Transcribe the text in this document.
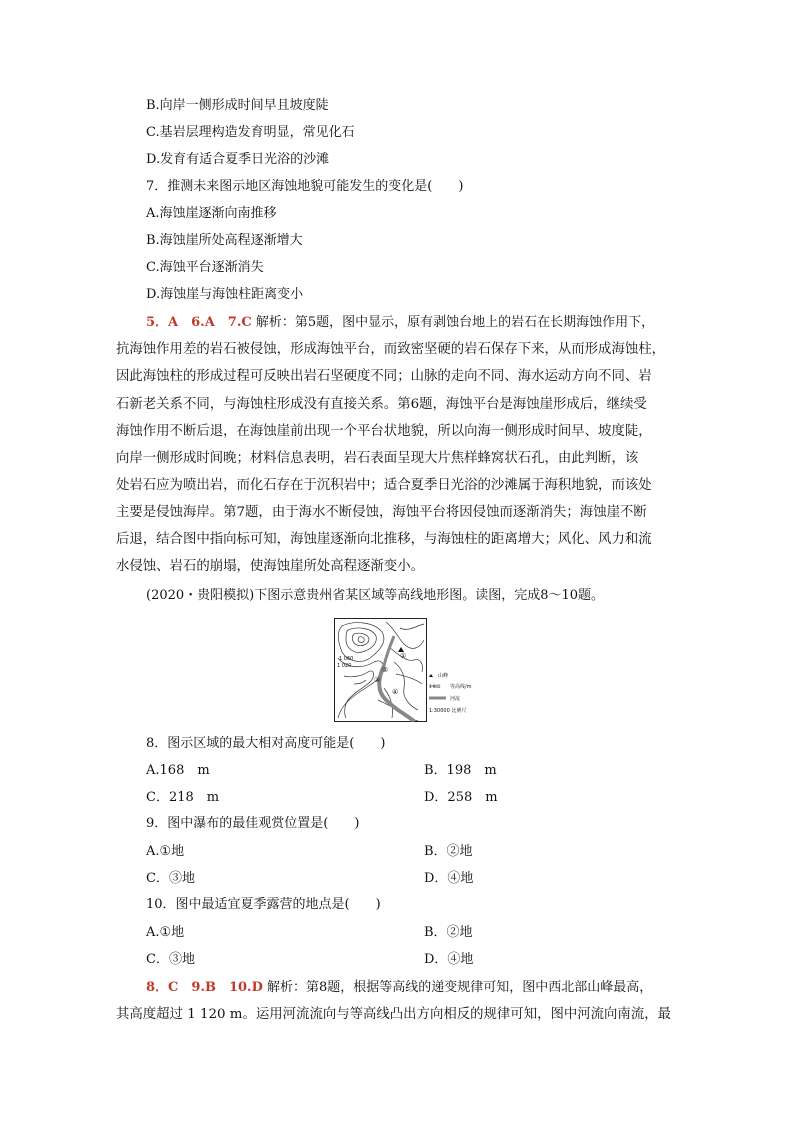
B.向岸一侧形成时间早且坡度陡
C.基岩层理构造发育明显，常见化石
D.发育有适合夏季日光浴的沙滩
7．推测未来图示地区海蚀地貌可能发生的变化是(　　)
A.海蚀崖逐渐向南推移
B.海蚀崖所处高程逐渐增大
C.海蚀平台逐渐消失
D.海蚀崖与海蚀柱距离变小
5．A　6.A　7.C 解析：第5题，图中显示，原有剥蚀台地上的岩石在长期海蚀作用下，
抗海蚀作用差的岩石被侵蚀，形成海蚀平台，而致密坚硬的岩石保存下来，从而形成海蚀柱，
因此海蚀柱的形成过程可反映出岩石坚硬度不同；山脉的走向不同、海水运动方向不同、岩
石新老关系不同，与海蚀柱形成没有直接关系。第6题，海蚀平台是海蚀崖形成后，继续受
海蚀作用不断后退，在海蚀崖前出现一个平台状地貌，所以向海一侧形成时间早、坡度陡，
向岸一侧形成时间晚；材料信息表明，岩石表面呈现大片焦样蜂窝状石孔，由此判断，该
处岩石应为喷出岩，而化石存在于沉积岩中；适合夏季日光浴的沙滩属于海积地貌，而该处
主要是侵蚀海岸。第7题，由于海水不断侵蚀，海蚀平台将因侵蚀而逐渐消失；海蚀崖不断
后退，结合图中指向标可知，海蚀崖逐渐向北推移，与海蚀柱的距离增大；风化、风力和流
水侵蚀、岩石的崩塌，使海蚀崖所处高程逐渐变小。
(2020・贵阳模拟)下图示意贵州省某区域等高线地形图。读图，完成8～10题。
①
②
③
④
1 060
1 020
山峰
1 040 等高线/m
河流
1:30000 比例尺
8．图示区域的最大相对高度可能是(　　)
A.168　m	B．198　m
C．218　m	D．258　m
9．图中瀑布的最佳观赏位置是(　　)
A.①地	B．②地
C．③地	D．④地
10．图中最适宜夏季露营的地点是(　　)
A.①地	B．②地
C．③地	D．④地
8．C　9.B　10.D 解析：第8题，根据等高线的递变规律可知，图中西北部山峰最高，
其高度超过 1 120 m。运用河流流向与等高线凸出方向相反的规律可知，图中河流向南流，最
